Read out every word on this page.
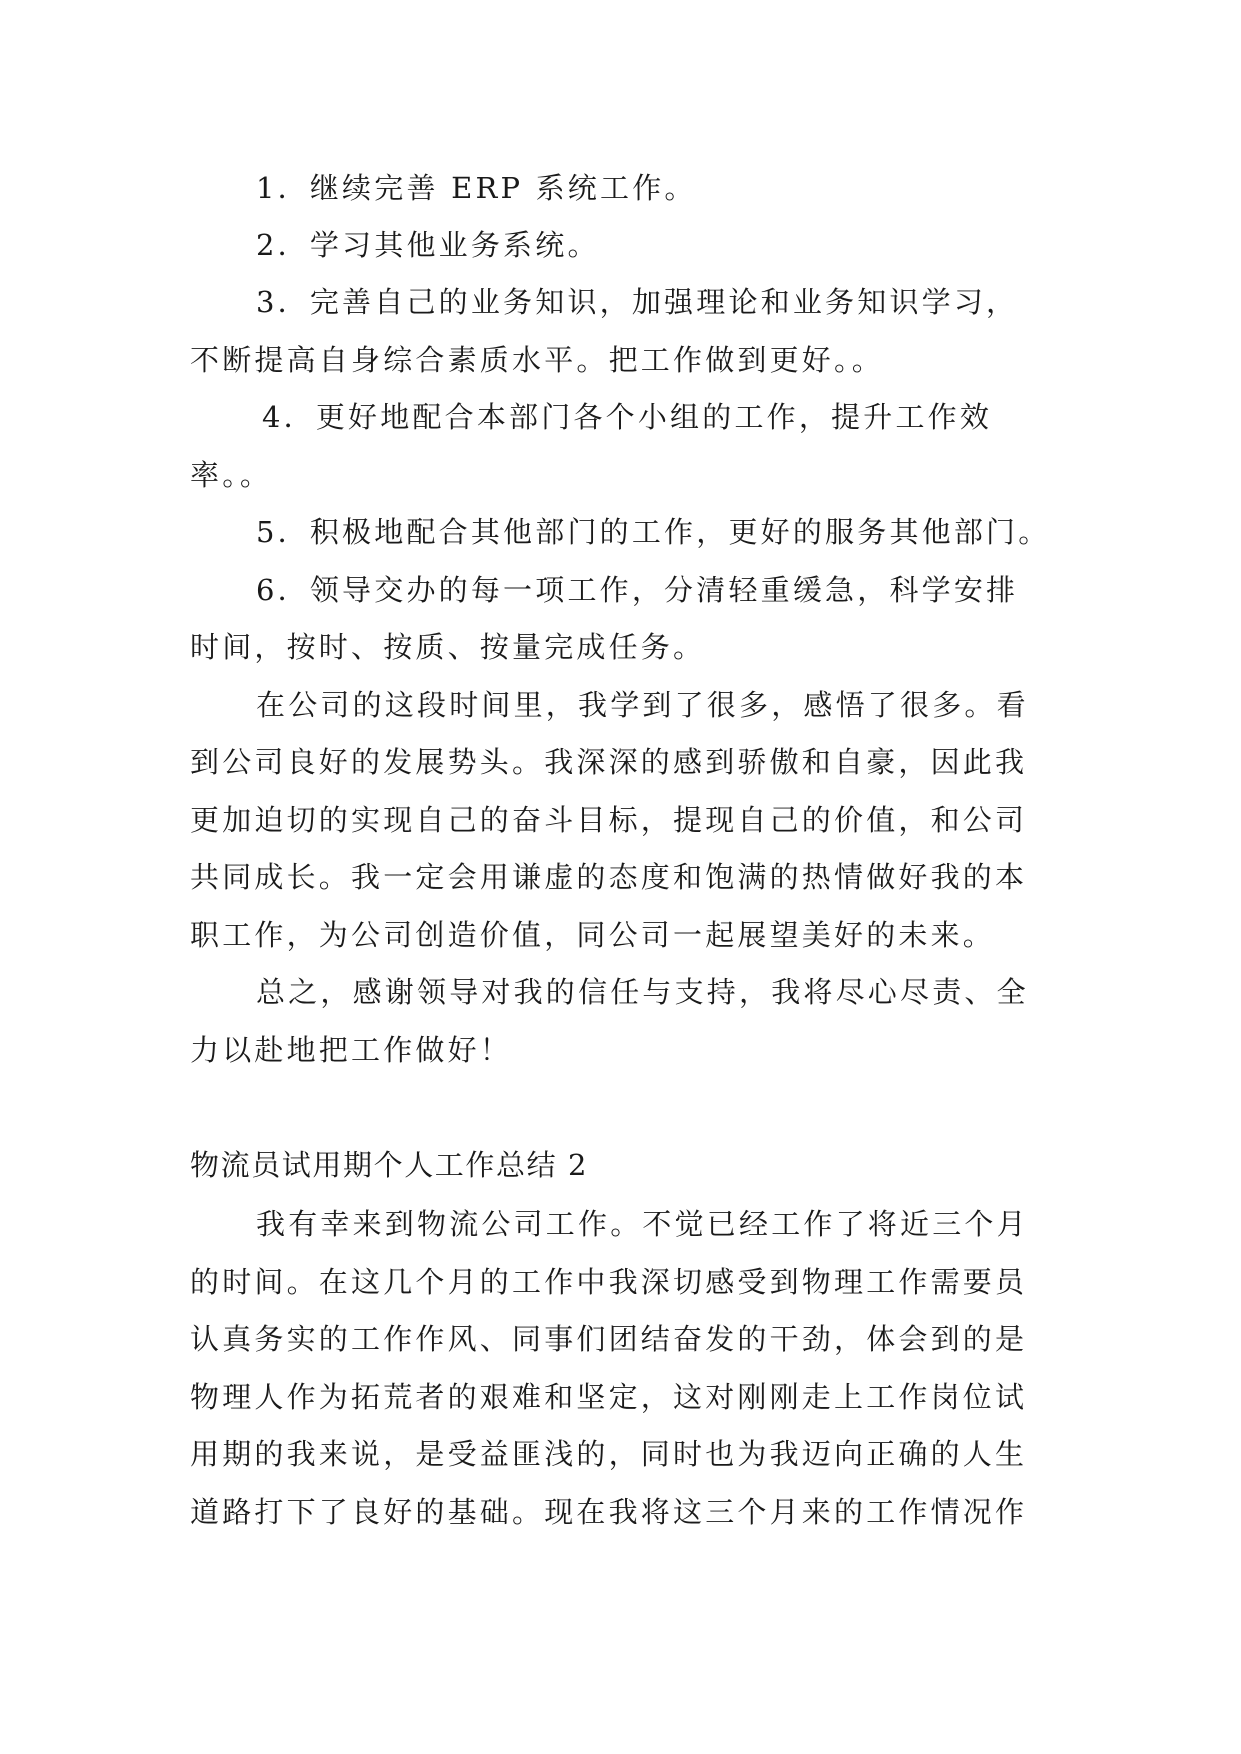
1．继续完善 ERP 系统工作。
2．学习其他业务系统。
3．完善自己的业务知识，加强理论和业务知识学习，
不断提高自身综合素质水平。把工作做到更好。。
4．更好地配合本部门各个小组的工作，提升工作效
率。。
5．积极地配合其他部门的工作，更好的服务其他部门。
6．领导交办的每一项工作，分清轻重缓急，科学安排
时间，按时、按质、按量完成任务。
在公司的这段时间里，我学到了很多，感悟了很多。看
到公司良好的发展势头。我深深的感到骄傲和自豪，因此我
更加迫切的实现自己的奋斗目标，提现自己的价值，和公司
共同成长。我一定会用谦虚的态度和饱满的热情做好我的本
职工作，为公司创造价值，同公司一起展望美好的未来。
总之，感谢领导对我的信任与支持，我将尽心尽责、全
力以赴地把工作做好！
物流员试用期个人工作总结 2
我有幸来到物流公司工作。不觉已经工作了将近三个月
的时间。在这几个月的工作中我深切感受到物理工作需要员
认真务实的工作作风、同事们团结奋发的干劲，体会到的是
物理人作为拓荒者的艰难和坚定，这对刚刚走上工作岗位试
用期的我来说，是受益匪浅的，同时也为我迈向正确的人生
道路打下了良好的基础。现在我将这三个月来的工作情况作
